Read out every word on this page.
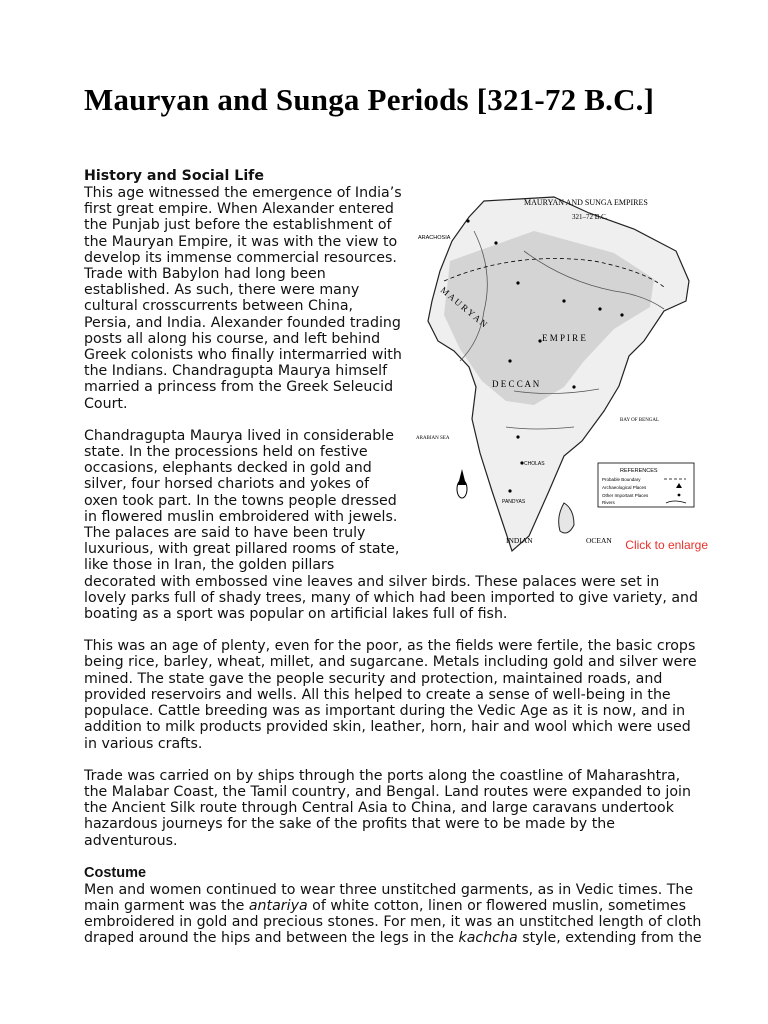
Mauryan and Sunga Periods [321-72 B.C.]
History and Social Life
MAURYAN AND SUNGA EMPIRES
321–72 B.C.
ARACHOSIA
M A U R Y A N
E M P I R E
D E C C A N
ARABIAN SEA
BAY OF BENGAL
CHOLAS
PANDYAS
INDIAN	OCEAN
REFERENCES
Probable Boundary
Archaeological Places
Other Important Places
Rivers
Click to enlarge

This age witnessed the emergence of India’s first great empire. When Alexander entered the Punjab just before the establishment of the Mauryan Empire, it was with the view to develop its immense commercial resources. Trade with Babylon had long been established. As such, there were many cultural crosscurrents between China, Persia, and India. Alexander founded trading posts all along his course, and left behind Greek colonists who finally intermarried with the Indians. Chandragupta Maurya himself married a princess from the Greek Seleucid Court.

Chandragupta Maurya lived in considerable state. In the processions held on festive occasions, elephants decked in gold and silver, four horsed chariots and yokes of oxen took part. In the towns people dressed in flowered muslin embroidered with jewels. The palaces are said to have been truly luxurious, with great pillared rooms of state, like those in Iran, the golden pillars decorated with embossed vine leaves and silver birds. These palaces were set in lovely parks full of shady trees, many of which had been imported to give variety, and boating as a sport was popular on artificial lakes full of fish.

This was an age of plenty, even for the poor, as the fields were fertile, the basic crops being rice, barley, wheat, millet, and sugarcane. Metals including gold and silver were mined. The state gave the people security and protection, maintained roads, and provided reservoirs and wells. All this helped to create a sense of well-being in the populace. Cattle breeding was as important during the Vedic Age as it is now, and in addition to milk products provided skin, leather, horn, hair and wool which were used in various crafts.

Trade was carried on by ships through the ports along the coastline of Maharashtra, the Malabar Coast, the Tamil country, and Bengal. Land routes were expanded to join the Ancient Silk route through Central Asia to China, and large caravans undertook hazardous journeys for the sake of the profits that were to be made by the adventurous.

Costume

Men and women continued to wear three unstitched garments, as in Vedic times. The main garment was the antariya of white cotton, linen or flowered muslin, sometimes embroidered in gold and precious stones. For men, it was an unstitched length of cloth draped around the hips and between the legs in the kachcha style, extending from the
